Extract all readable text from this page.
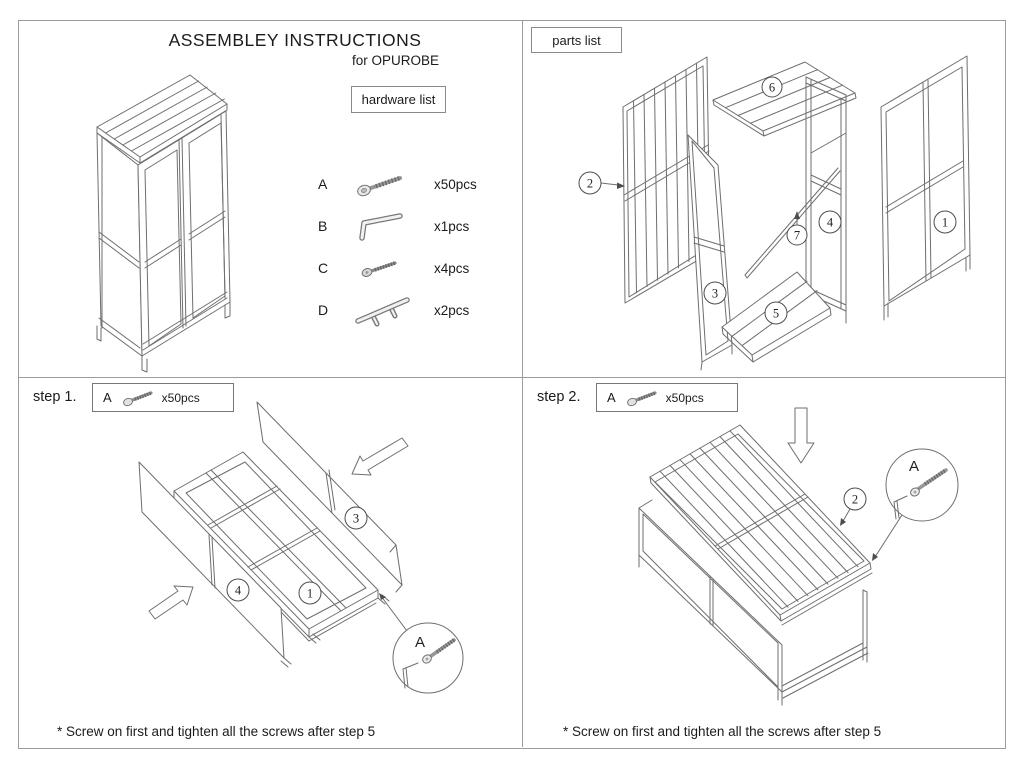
ASSEMBLEY INSTRUCTIONS
for OPUROBE
hardware list
A	x50pcs
B	x1pcs
C	x4pcs
D	x2pcs
parts list
2
3
6
4
7
5
1
step 1. A	x50pcs
1
3
4
A
* Screw on first and tighten all the screws after step 5
step 2. A	x50pcs
2
A
* Screw on first and tighten all the screws after step 5
